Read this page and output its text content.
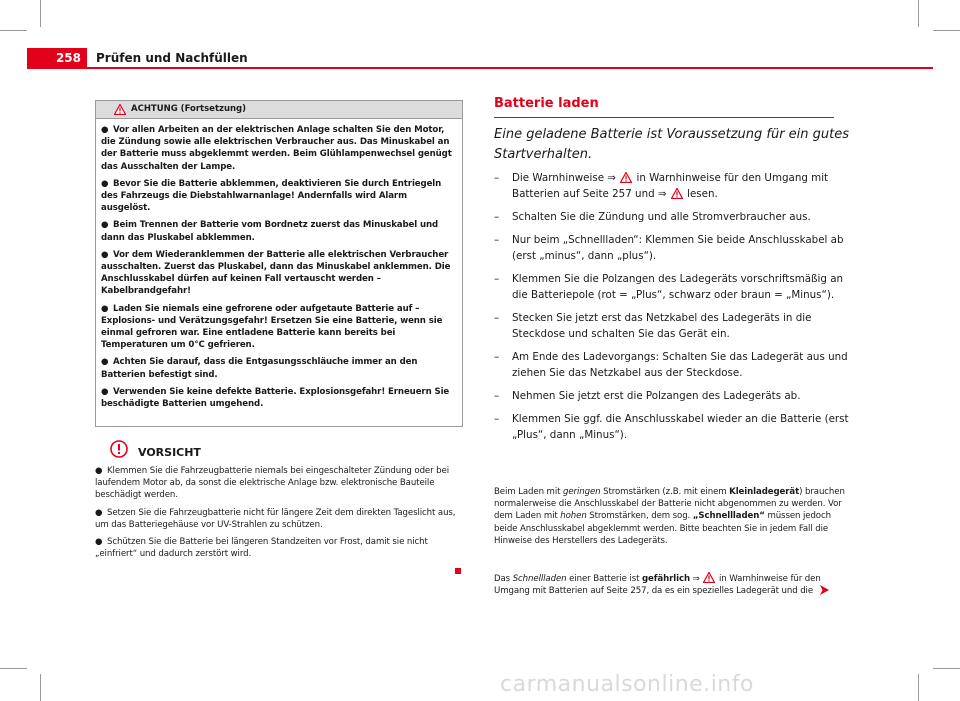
258	Prüfen und Nachfüllen
ACHTUNG (Fortsetzung)

● Vor allen Arbeiten an der elektrischen Anlage schalten Sie den Motor, die Zündung sowie alle elektrischen Verbraucher aus. Das Minuskabel an der Batterie muss abgeklemmt werden. Beim Glühlampenwechsel genügt das Ausschalten der Lampe.

● Bevor Sie die Batterie abklemmen, deaktivieren Sie durch Entriegeln des Fahrzeugs die Diebstahlwarnanlage! Andernfalls wird Alarm ausgelöst.

● Beim Trennen der Batterie vom Bordnetz zuerst das Minuskabel und dann das Pluskabel abklemmen.

● Vor dem Wiederanklemmen der Batterie alle elektrischen Verbraucher ausschalten. Zuerst das Pluskabel, dann das Minuskabel anklemmen. Die Anschlusskabel dürfen auf keinen Fall vertauscht werden – Kabelbrandgefahr!

● Laden Sie niemals eine gefrorene oder aufgetaute Batterie auf – Explosions- und Verätzungsgefahr! Ersetzen Sie eine Batterie, wenn sie einmal gefroren war. Eine entladene Batterie kann bereits bei Temperaturen um 0°C gefrieren.

● Achten Sie darauf, dass die Entgasungsschläuche immer an den Batterien befestigt sind.

● Verwenden Sie keine defekte Batterie. Explosionsgefahr! Erneuern Sie beschädigte Batterien umgehend.

VORSICHT

● Klemmen Sie die Fahrzeugbatterie niemals bei eingeschalteter Zündung oder bei laufendem Motor ab, da sonst die elektrische Anlage bzw. elektronische Bauteile beschädigt werden.

● Setzen Sie die Fahrzeugbatterie nicht für längere Zeit dem direkten Tageslicht aus, um das Batteriegehäuse vor UV-Strahlen zu schützen.

● Schützen Sie die Batterie bei längeren Standzeiten vor Frost, damit sie nicht „einfriert“ und dadurch zerstört wird.

Batterie laden
Eine geladene Batterie ist Voraussetzung für ein gutes Startverhalten.
– Die Warnhinweise ⇒ in Warnhinweise für den Umgang mit Batterien auf Seite 257 und ⇒ lesen.
– Schalten Sie die Zündung und alle Stromverbraucher aus.
– Nur beim „Schnellladen“: Klemmen Sie beide Anschlusskabel ab (erst „minus“, dann „plus“).
– Klemmen Sie die Polzangen des Ladegeräts vorschriftsmäßig an die Batteriepole (rot = „Plus“, schwarz oder braun = „Minus“).
– Stecken Sie jetzt erst das Netzkabel des Ladegeräts in die Steckdose und schalten Sie das Gerät ein.
– Am Ende des Ladevorgangs: Schalten Sie das Ladegerät aus und ziehen Sie das Netzkabel aus der Steckdose.
– Nehmen Sie jetzt erst die Polzangen des Ladegeräts ab.
– Klemmen Sie ggf. die Anschlusskabel wieder an die Batterie (erst „Plus“, dann „Minus“).
Beim Laden mit geringen Stromstärken (z.B. mit einem Kleinladegerät) brauchen normalerweise die Anschlusskabel der Batterie nicht abgenommen zu werden. Vor dem Laden mit hohen Stromstärken, dem sog. „Schnellladen“ müssen jedoch beide Anschlusskabel abgeklemmt werden. Bitte beachten Sie in jedem Fall die Hinweise des Herstellers des Ladegeräts.
Das Schnellladen einer Batterie ist gefährlich ⇒  in Warnhinweise für den Umgang mit Batterien auf Seite 257, da es ein spezielles Ladegerät und die
carmanualsonline.info
